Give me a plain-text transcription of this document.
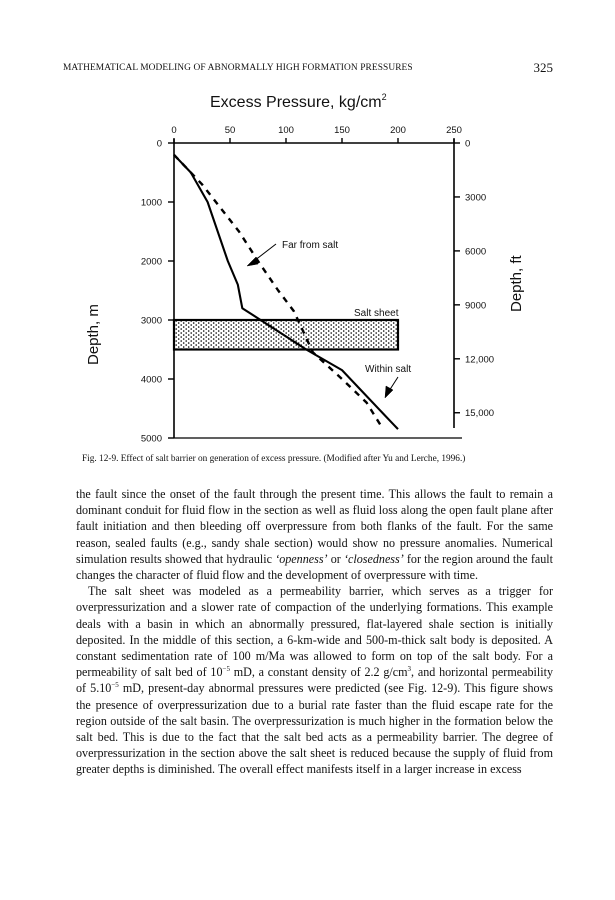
MATHEMATICAL MODELING OF ABNORMALLY HIGH FORMATION PRESSURES	325
Excess Pressure, $kg/cm^2$
0	50	100	150	200	250
0
1000
2000
3000
4000
5000
0
3000
6000
9000
12,000
15,000
Depth, m
Depth, ft
Salt sheet
Far from salt
Within salt
Fig. 12-9. Effect of salt barrier on generation of excess pressure. (Modified after Yu and Lerche, 1996.)

the fault since the onset of the fault through the present time. This allows the fault to remain a dominant conduit for fluid flow in the section as well as fluid loss along the open fault plane after fault initiation and then bleeding off overpressure from both flanks of the fault. For the same reason, sealed faults (e.g., sandy shale section) would show no pressure anomalies. Numerical simulation results showed that hydraulic ‘openness’ or ‘closedness’ for the region around the fault changes the character of fluid flow and the development of overpressure with time.

The salt sheet was modeled as a permeability barrier, which serves as a trigger for overpressurization and a slower rate of compaction of the underlying formations. This example deals with a basin in which an abnormally pressured, flat-layered shale section is initially deposited. In the middle of this section, a 6-km-wide and 500-m-thick salt body is deposited. A constant sedimentation rate of 100 m/Ma was allowed to form on top of the salt body. For a permeability of salt bed of $10^{-5}$ mD, a constant density of 2.2 $g/cm^3$, and horizontal permeability of $5.10^{-5}$ mD, present-day abnormal pressures were predicted (see Fig. 12-9). This figure shows the presence of overpressurization due to a burial rate faster than the fluid escape rate for the region outside of the salt basin. The overpressurization is much higher in the formation below the salt bed. This is due to the fact that the salt bed acts as a permeability barrier. The degree of overpressurization in the section above the salt sheet is reduced because the supply of fluid from greater depths is diminished. The overall effect manifests itself in a larger increase in excess
